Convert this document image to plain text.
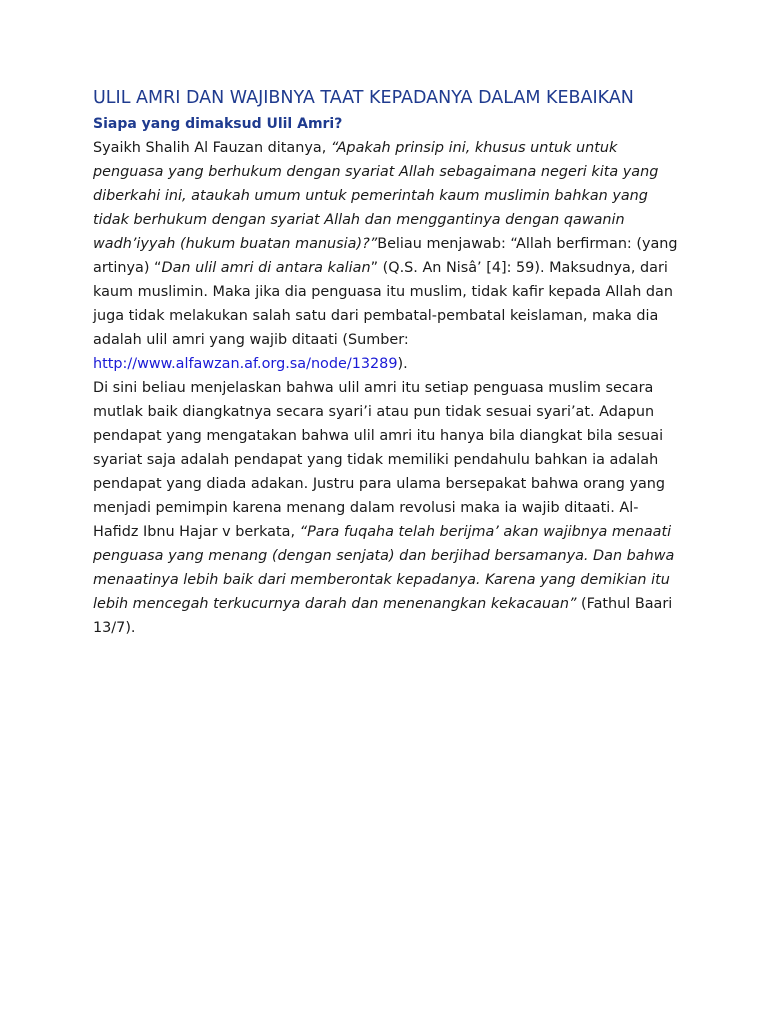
ULIL AMRI DAN WAJIBNYA TAAT KEPADANYA DALAM KEBAIKAN
Siapa yang dimaksud Ulil Amri?

Syaikh Shalih Al Fauzan ditanya, “Apakah prinsip ini, khusus untuk untuk penguasa yang berhukum dengan syariat Allah sebagaimana negeri kita yang diberkahi ini, ataukah umum untuk pemerintah kaum muslimin bahkan yang tidak berhukum dengan syariat Allah dan menggantinya dengan qawanin wadh’iyyah (hukum buatan manusia)?”Beliau menjawab: “Allah berfirman: (yang artinya) “Dan ulil amri di antara kalian” (Q.S. An Nisâ’ [4]: 59). Maksudnya, dari kaum muslimin. Maka jika dia penguasa itu muslim, tidak kafir kepada Allah dan juga tidak melakukan salah satu dari pembatal-pembatal keislaman, maka dia adalah ulil amri yang wajib ditaati (Sumber: http://www.alfawzan.af.org.sa/node/13289).

Di sini beliau menjelaskan bahwa ulil amri itu setiap penguasa muslim secara mutlak baik diangkatnya secara syari’i atau pun tidak sesuai syari’at. Adapun pendapat yang mengatakan bahwa ulil amri itu hanya bila diangkat bila sesuai syariat saja adalah pendapat yang tidak memiliki pendahulu bahkan ia adalah pendapat yang diada adakan. Justru para ulama bersepakat bahwa orang yang menjadi pemimpin karena menang dalam revolusi maka ia wajib ditaati. Al-Hafidz Ibnu Hajar v berkata, “Para fuqaha telah berijma’ akan wajibnya menaati penguasa yang menang (dengan senjata) dan berjihad bersamanya. Dan bahwa menaatinya lebih baik dari memberontak kepadanya. Karena yang demikian itu lebih mencegah terkucurnya darah dan menenangkan kekacauan” (Fathul Baari 13/7).
